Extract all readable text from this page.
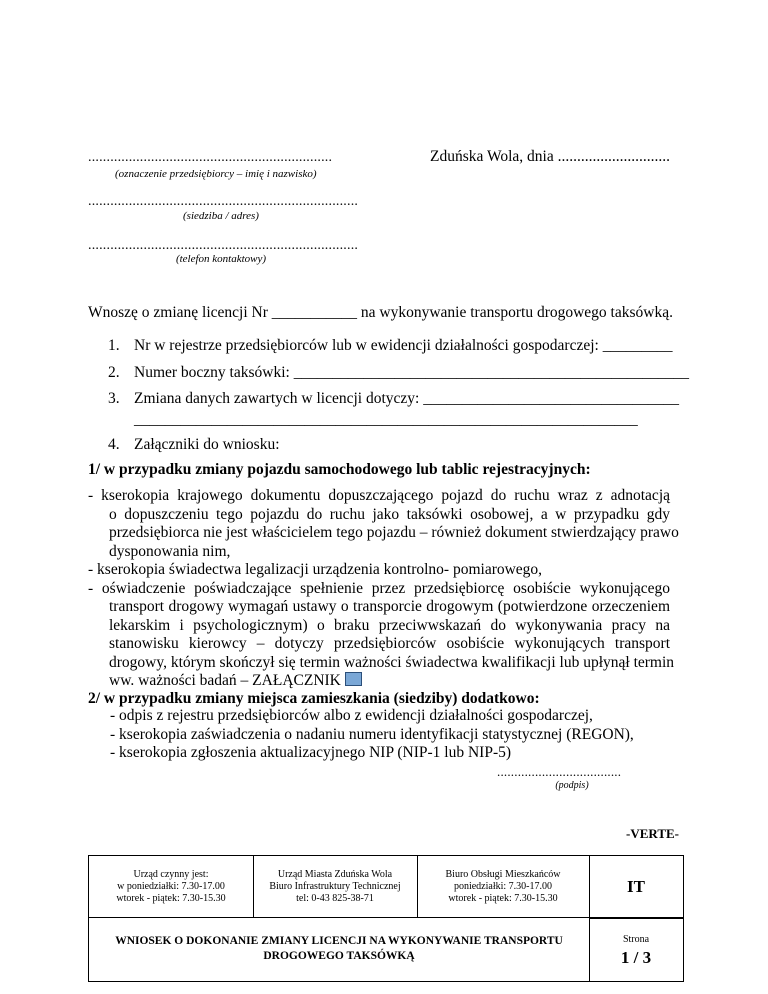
..................................................................
(oznaczenie przedsiębiorcy – imię i nazwisko)
Zduńska Wola, dnia .............................
.........................................................................
(siedziba / adres)
.........................................................................
(telefon kontaktowy)
Wnoszę o zmianę licencji Nr ___________ na wykonywanie transportu drogowego taksówką.
1. Nr w rejestrze przedsiębiorców lub w ewidencji działalności gospodarczej: _________
2. Numer boczny taksówki: ___________________________________________________
3. Zmiana danych zawartych w licencji dotyczy: _________________________________
_________________________________________________________________
4. Załączniki do wniosku:
1/ w przypadku zmiany pojazdu samochodowego lub tablic rejestracyjnych:
- kserokopia krajowego dokumentu dopuszczającego pojazd do ruchu wraz z adnotacją
o dopuszczeniu tego pojazdu do ruchu jako taksówki osobowej, a w przypadku gdy
przedsiębiorca nie jest właścicielem tego pojazdu – również dokument stwierdzający prawo
dysponowania nim,
- kserokopia świadectwa legalizacji urządzenia kontrolno- pomiarowego,
- oświadczenie poświadczające spełnienie przez przedsiębiorcę osobiście wykonującego
transport drogowy wymagań ustawy o transporcie drogowym (potwierdzone orzeczeniem
lekarskim i psychologicznym) o braku przeciwwskazań do wykonywania pracy na
stanowisku kierowcy – dotyczy przedsiębiorców osobiście wykonujących transport
drogowy, którym skończył się termin ważności świadectwa kwalifikacji lub upłynął termin
ww. ważności badań – ZAŁĄCZNIK
2/ w przypadku zmiany miejsca zamieszkania (siedziby) dodatkowo:
- odpis z rejestru przedsiębiorców albo z ewidencji działalności gospodarczej,
- kserokopia zaświadczenia o nadaniu numeru identyfikacji statystycznej (REGON),
- kserokopia zgłoszenia aktualizacyjnego NIP (NIP-1 lub NIP-5)
....................................
(podpis)
-VERTE-
Urząd czynny jest:
w poniedziałki: 7.30-17.00
wtorek - piątek: 7.30-15.30
Urząd Miasta Zduńska Wola
Biuro Infrastruktury Technicznej
tel: 0-43 825-38-71
Biuro Obsługi Mieszkańców
poniedziałki: 7.30-17.00
wtorek - piątek: 7.30-15.30
IT
WNIOSEK O DOKONANIE ZMIANY LICENCJI NA WYKONYWANIE TRANSPORTU
DROGOWEGO TAKSÓWKĄ
Strona
1 / 3
